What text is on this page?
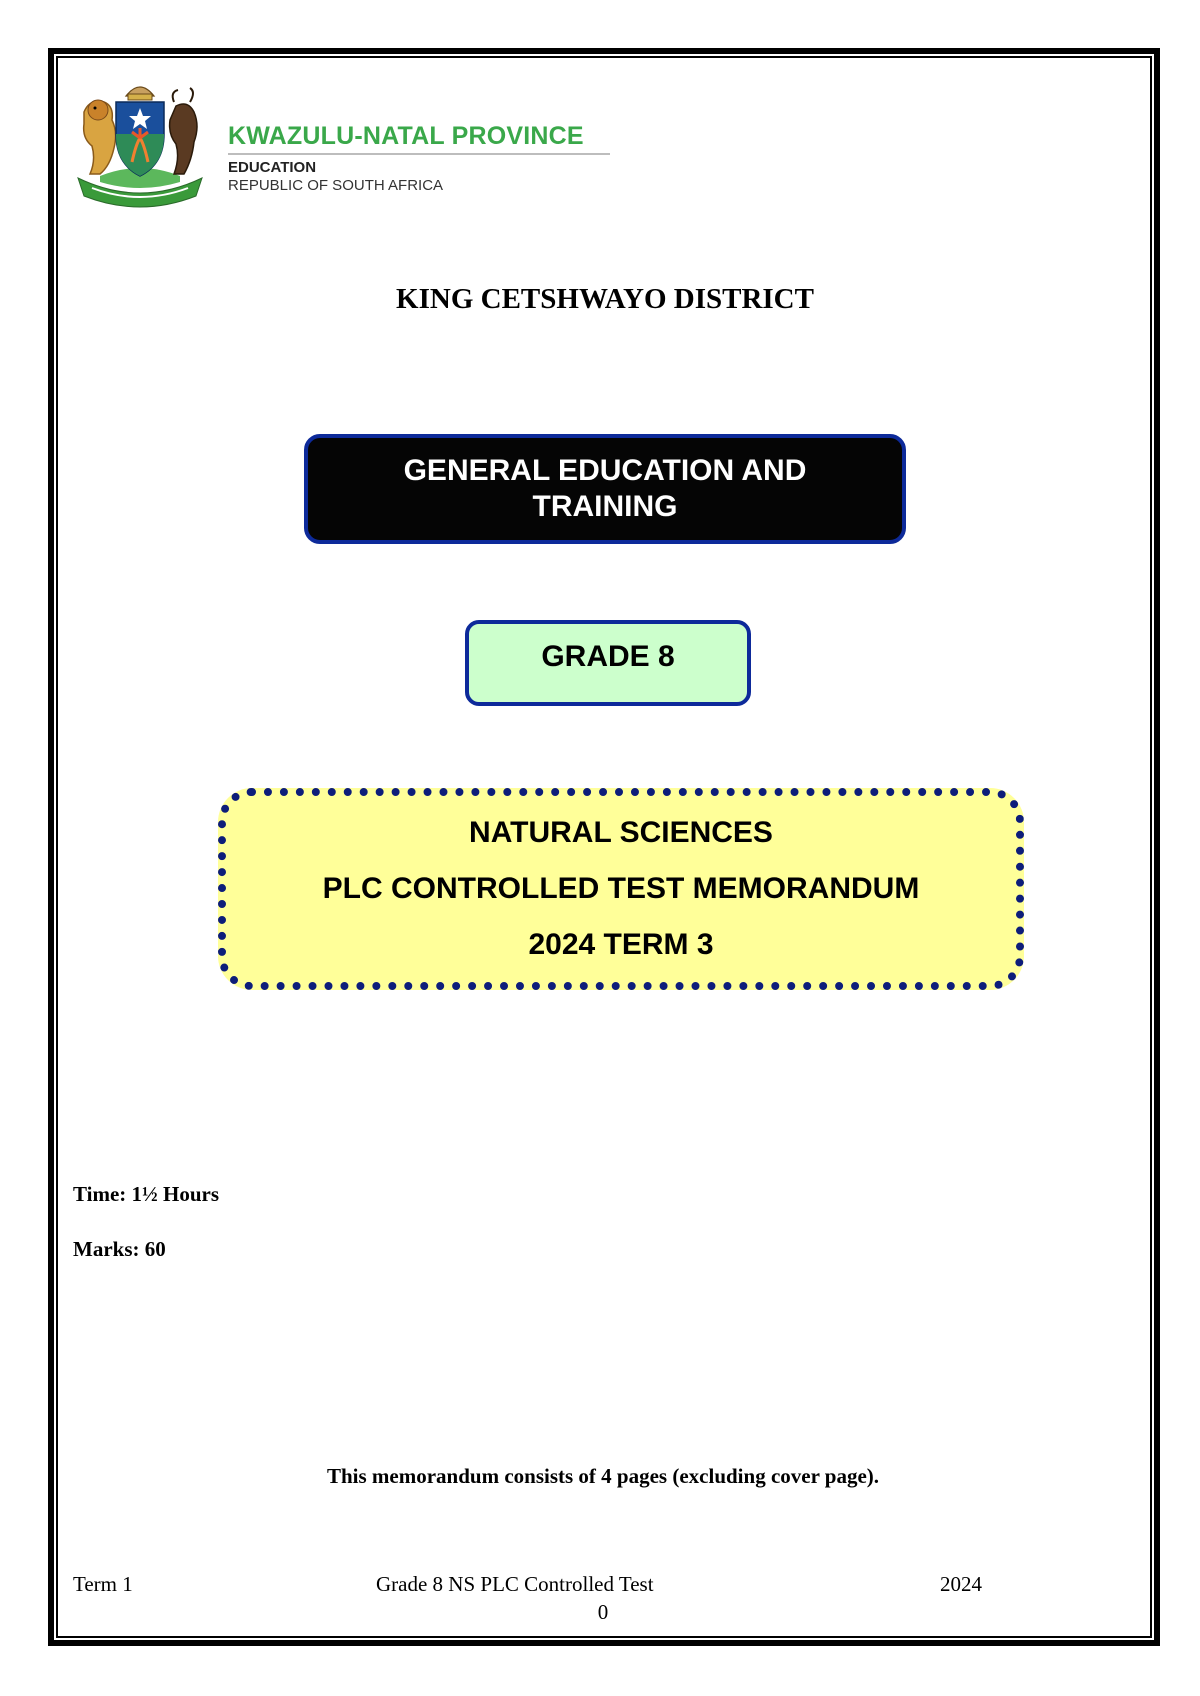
KWAZULU-NATAL PROVINCE
EDUCATION
REPUBLIC OF SOUTH AFRICA
KING CETSHWAYO DISTRICT
GENERAL EDUCATION AND TRAINING
GRADE 8
NATURAL SCIENCES
PLC CONTROLLED TEST MEMORANDUM
2024 TERM 3
Time: 1½ Hours
Marks: 60
This memorandum consists of 4 pages (excluding cover page).
Term 1	Grade 8 NS PLC Controlled Test	2024
0
